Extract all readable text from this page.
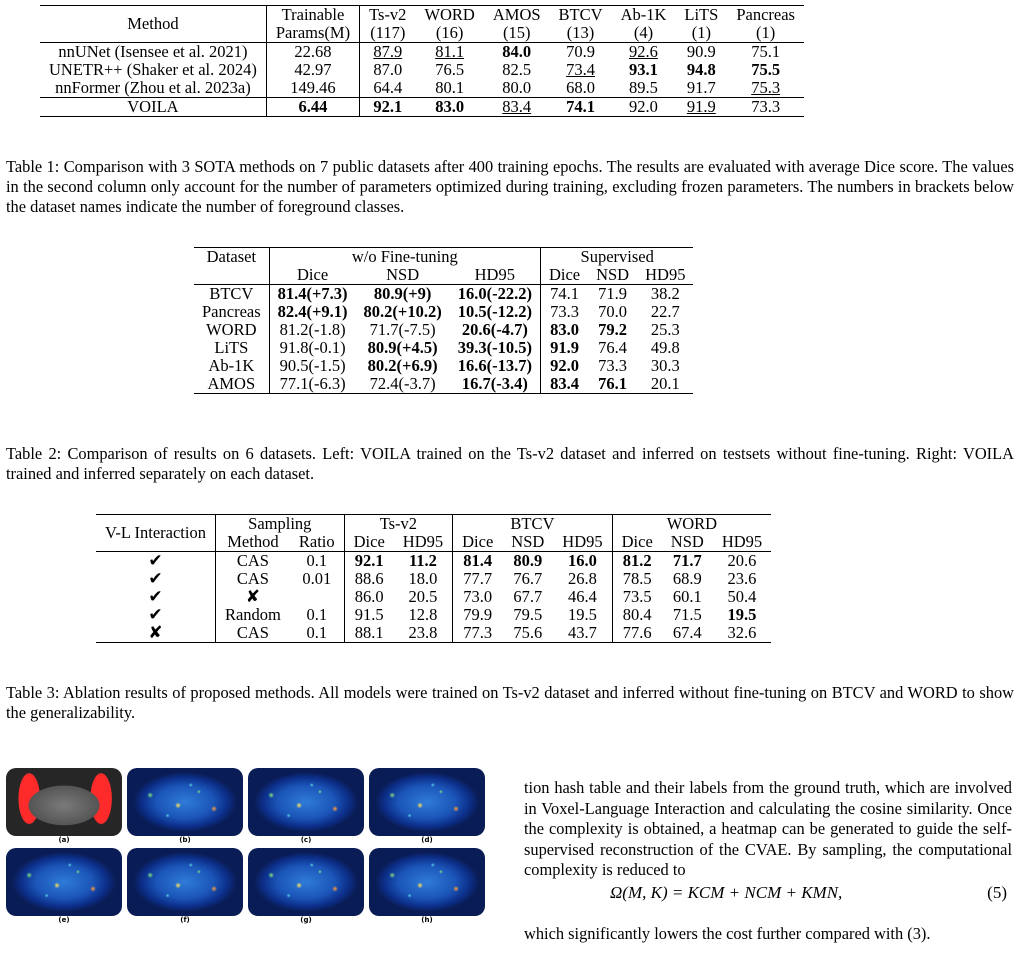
Method	Trainable	Ts-v2	WORD	AMOS	BTCV	Ab-1K	LiTS	Pancreas
	Params(M)	(117)	(16)	(15)	(13)	(4)	(1)	(1)
nnUNet (Isensee et al. 2021)	22.68	87.9	81.1	84.0	70.9	92.6	90.9	75.1
UNETR++ (Shaker et al. 2024)	42.97	87.0	76.5	82.5	73.4	93.1	94.8	75.5
nnFormer (Zhou et al. 2023a)	149.46	64.4	80.1	80.0	68.0	89.5	91.7	75.3
VOILA	6.44	92.1	83.0	83.4	74.1	92.0	91.9	73.3
Table 1: Comparison with 3 SOTA methods on 7 public datasets after 400 training epochs. The results are evaluated with average Dice score. The values in the second column only account for the number of parameters optimized during training, excluding frozen parameters. The numbers in brackets below the dataset names indicate the number of foreground classes.
Dataset	w/o Fine-tuning			Supervised		
	Dice	NSD	HD95	Dice	NSD	HD95
BTCV	81.4(+7.3)	80.9(+9)	16.0(-22.2)	74.1	71.9	38.2
Pancreas	82.4(+9.1)	80.2(+10.2)	10.5(-12.2)	73.3	70.0	22.7
WORD	81.2(-1.8)	71.7(-7.5)	20.6(-4.7)	83.0	79.2	25.3
LiTS	91.8(-0.1)	80.9(+4.5)	39.3(-10.5)	91.9	76.4	49.8
Ab-1K	90.5(-1.5)	80.2(+6.9)	16.6(-13.7)	92.0	73.3	30.3
AMOS	77.1(-6.3)	72.4(-3.7)	16.7(-3.4)	83.4	76.1	20.1
Table 2: Comparison of results on 6 datasets. Left: VOILA trained on the Ts-v2 dataset and inferred on testsets without fine-tuning. Right: VOILA trained and inferred separately on each dataset.
V-L Interaction	Sampling		Ts-v2		BTCV			WORD		
	Method	Ratio	Dice	HD95	Dice	NSD	HD95	Dice	NSD	HD95
✔	CAS	0.1	92.1	11.2	81.4	80.9	16.0	81.2	71.7	20.6
✔	CAS	0.01	88.6	18.0	77.7	76.7	26.8	78.5	68.9	23.6
✔	✘		86.0	20.5	73.0	67.7	46.4	73.5	60.1	50.4
✔	Random	0.1	91.5	12.8	79.9	79.5	19.5	80.4	71.5	19.5
✘	CAS	0.1	88.1	23.8	77.3	75.6	43.7	77.6	67.4	32.6
Table 3: Ablation results of proposed methods. All models were trained on Ts-v2 dataset and inferred without fine-tuning on BTCV and WORD to show the generalizability.
(a)	(b)	(c)	(d)
(e)	(f)	(g)	(h)
tion hash table and their labels from the ground truth, which are involved in Voxel-Language Interaction and calculating the cosine similarity. Once the complexity is obtained, a heatmap can be generated to guide the self-supervised reconstruction of the CVAE. By sampling, the computational complexity is reduced to
Ω(M, K) = KCM + NCM + KMN,	(5)
which significantly lowers the cost further compared with (3).
